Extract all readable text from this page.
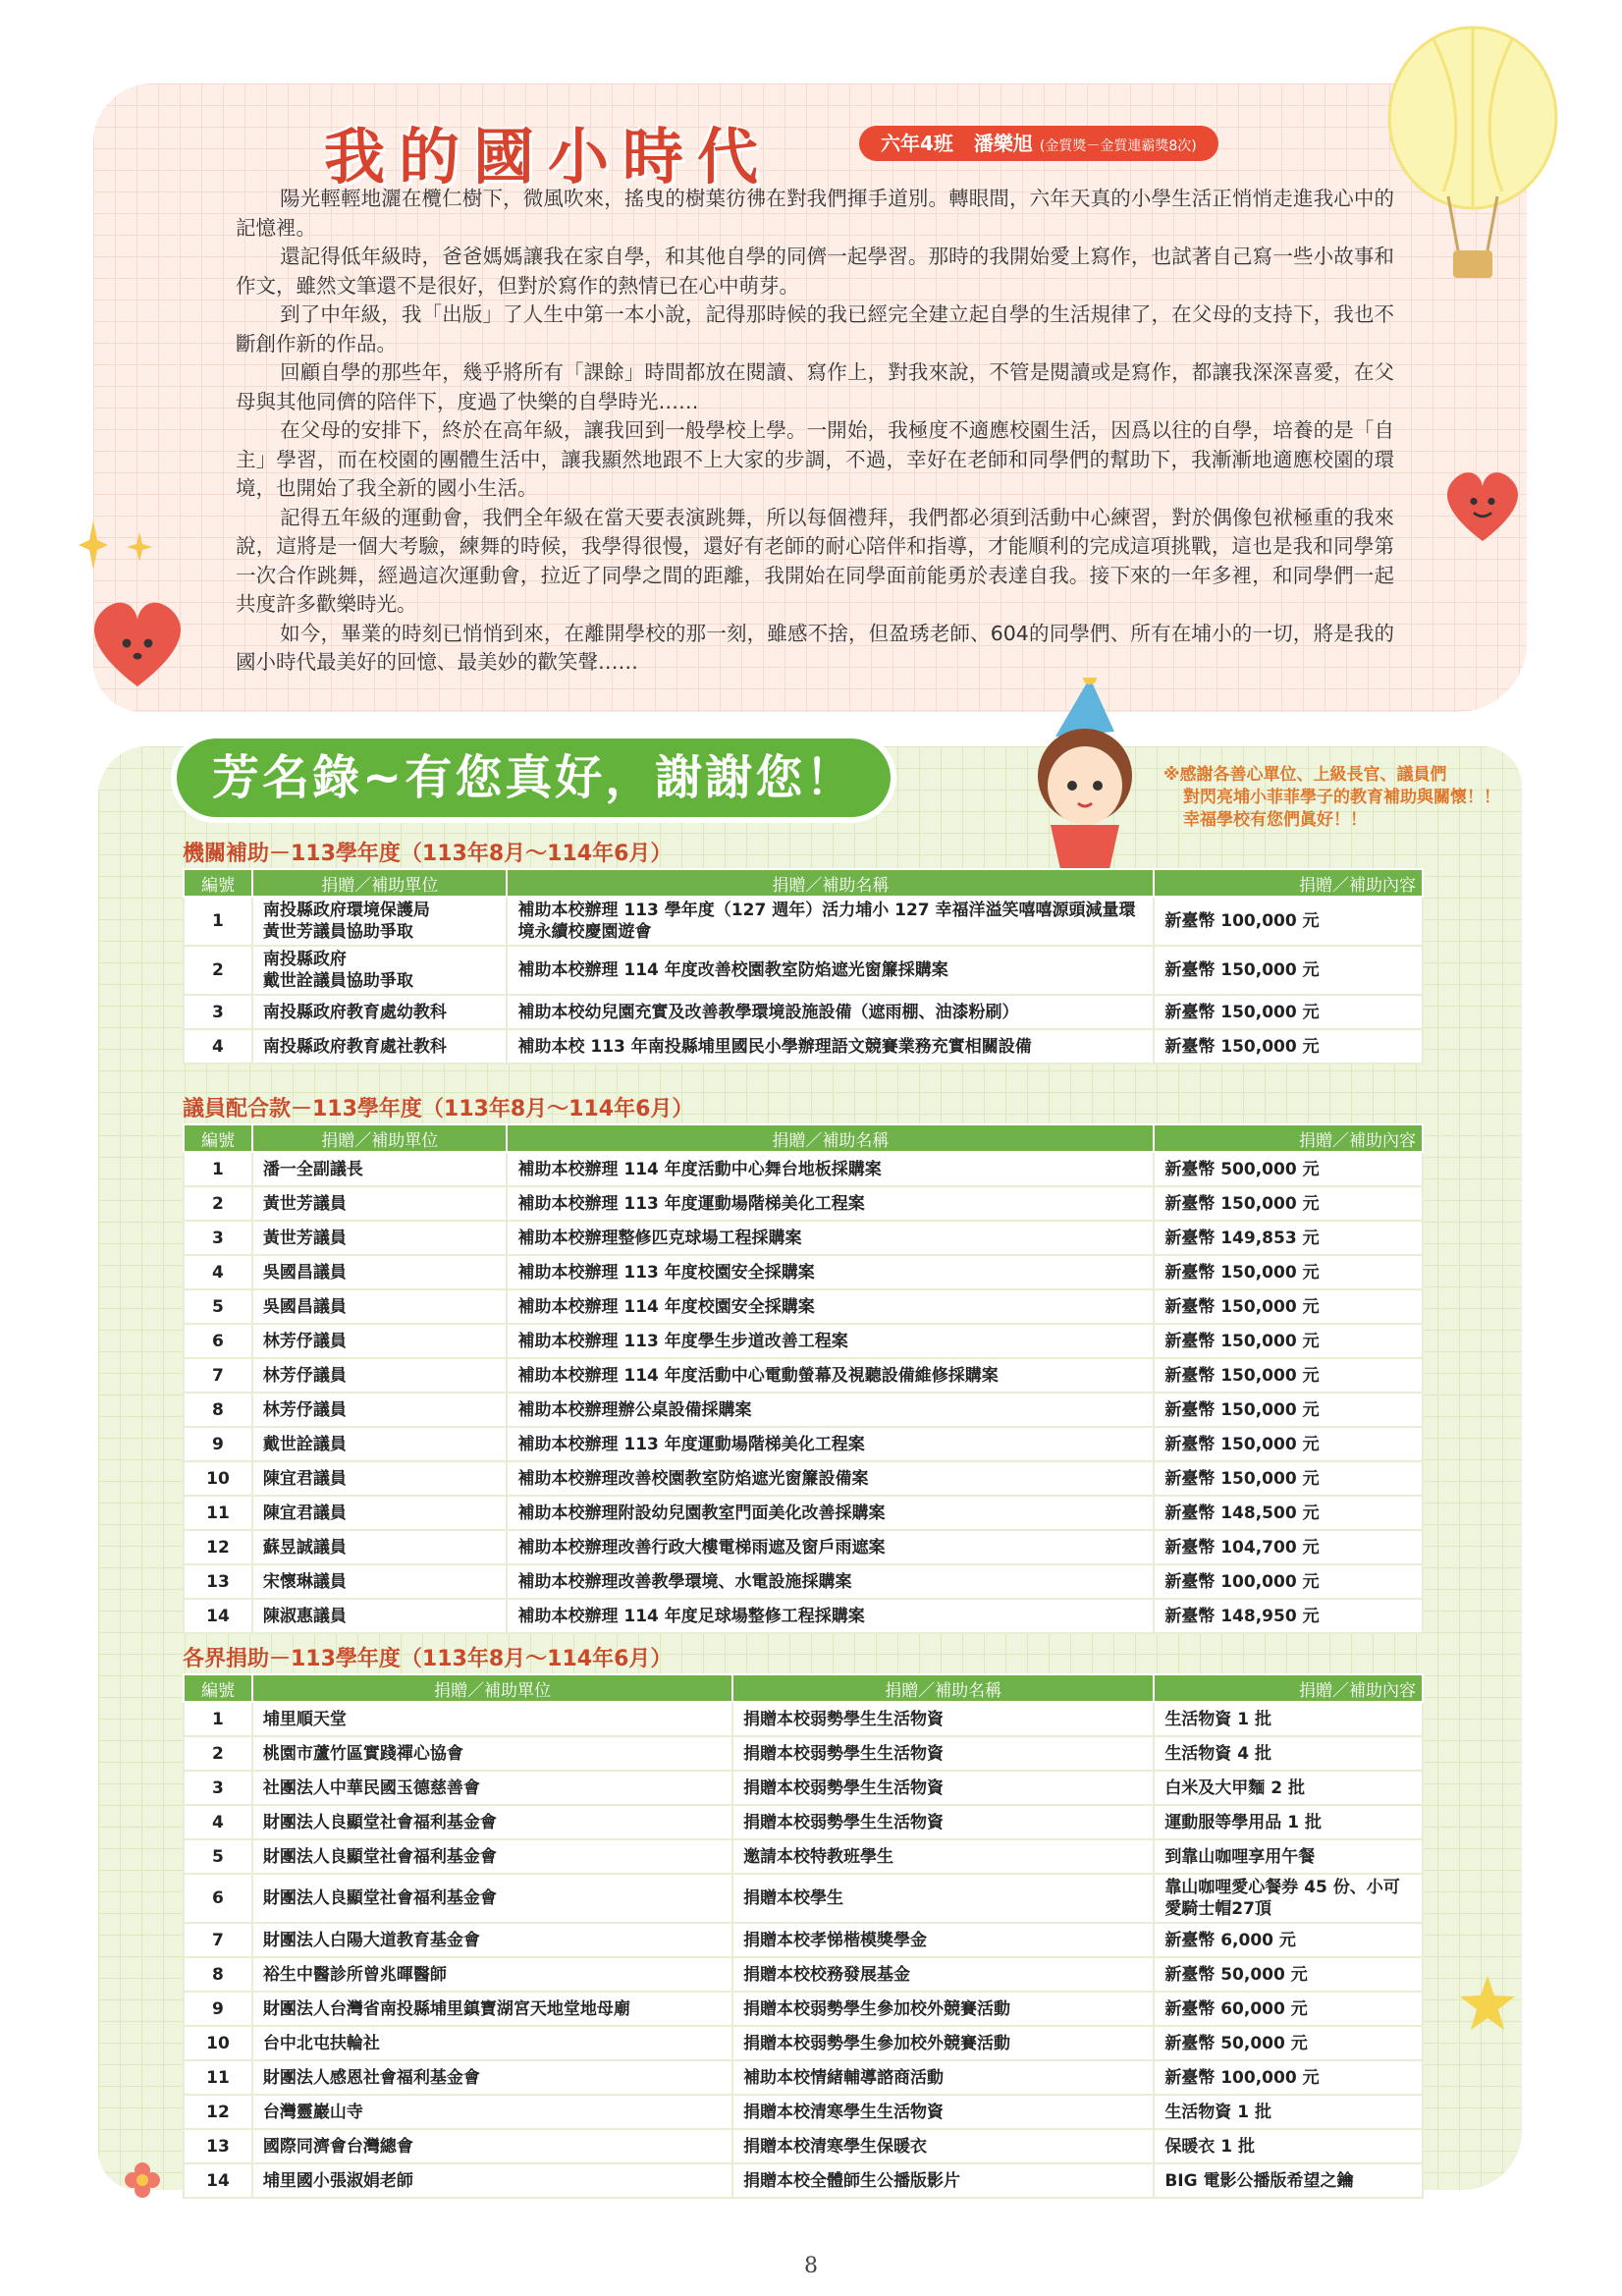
我的國小時代	六年4班 潘樂旭 (金質獎－金質連霸獎8次)

陽光輕輕地灑在欖仁樹下，微風吹來，搖曳的樹葉彷彿在對我們揮手道別。轉眼間，六年天真的小學生活正悄悄走進我心中的記憶裡。

還記得低年級時，爸爸媽媽讓我在家自學，和其他自學的同儕一起學習。那時的我開始愛上寫作，也試著自己寫一些小故事和作文，雖然文筆還不是很好，但對於寫作的熱情已在心中萌芽。

到了中年級，我「出版」了人生中第一本小說，記得那時候的我已經完全建立起自學的生活規律了，在父母的支持下，我也不斷創作新的作品。

回顧自學的那些年，幾乎將所有「課餘」時間都放在閱讀、寫作上，對我來說，不管是閱讀或是寫作，都讓我深深喜愛，在父母與其他同儕的陪伴下，度過了快樂的自學時光……

在父母的安排下，終於在高年級，讓我回到一般學校上學。一開始，我極度不適應校園生活，因爲以往的自學，培養的是「自主」學習，而在校園的團體生活中，讓我顯然地跟不上大家的步調，不過，幸好在老師和同學們的幫助下，我漸漸地適應校園的環境，也開始了我全新的國小生活。

記得五年級的運動會，我們全年級在當天要表演跳舞，所以每個禮拜，我們都必須到活動中心練習，對於偶像包袱極重的我來說，這將是一個大考驗，練舞的時候，我學得很慢，還好有老師的耐心陪伴和指導，才能順利的完成這項挑戰，這也是我和同學第一次合作跳舞，經過這次運動會，拉近了同學之間的距離，我開始在同學面前能勇於表達自我。接下來的一年多裡，和同學們一起共度許多歡樂時光。

如今，畢業的時刻已悄悄到來，在離開學校的那一刻，雖感不捨，但盈琇老師、604的同學們、所有在埔小的一切，將是我的國小時代最美好的回憶、最美妙的歡笑聲……

芳名錄~有您真好，謝謝您！	※感謝各善心單位、上級長官、議員們
對閃亮埔小菲菲學子的教育補助與關懷！！
幸福學校有您們眞好！！
機關補助－113學年度（113年8月～114年6月）
編號	捐贈／補助單位	捐贈／補助名稱	捐贈／補助內容
1	南投縣政府環境保護局
黃世芳議員協助爭取	補助本校辦理 113 學年度（127 週年）活力埔小 127 幸福洋溢笑嘻嘻源頭減量環境永續校慶園遊會	新臺幣 100,000 元
2	南投縣政府
戴世詮議員協助爭取	補助本校辦理 114 年度改善校園教室防焰遮光窗簾採購案	新臺幣 150,000 元
3	南投縣政府教育處幼教科	補助本校幼兒園充實及改善教學環境設施設備（遮雨棚、油漆粉刷）	新臺幣 150,000 元
4	南投縣政府教育處社教科	補助本校 113 年南投縣埔里國民小學辦理語文競賽業務充實相關設備	新臺幣 150,000 元
議員配合款－113學年度（113年8月～114年6月）
編號	捐贈／補助單位	捐贈／補助名稱	捐贈／補助內容
1	潘一全副議長	補助本校辦理 114 年度活動中心舞台地板採購案	新臺幣 500,000 元
2	黃世芳議員	補助本校辦理 113 年度運動場階梯美化工程案	新臺幣 150,000 元
3	黃世芳議員	補助本校辦理整修匹克球場工程採購案	新臺幣 149,853 元
4	吳國昌議員	補助本校辦理 113 年度校園安全採購案	新臺幣 150,000 元
5	吳國昌議員	補助本校辦理 114 年度校園安全採購案	新臺幣 150,000 元
6	林芳伃議員	補助本校辦理 113 年度學生步道改善工程案	新臺幣 150,000 元
7	林芳伃議員	補助本校辦理 114 年度活動中心電動螢幕及視聽設備維修採購案	新臺幣 150,000 元
8	林芳伃議員	補助本校辦理辦公桌設備採購案	新臺幣 150,000 元
9	戴世詮議員	補助本校辦理 113 年度運動場階梯美化工程案	新臺幣 150,000 元
10	陳宜君議員	補助本校辦理改善校園教室防焰遮光窗簾設備案	新臺幣 150,000 元
11	陳宜君議員	補助本校辦理附設幼兒園教室門面美化改善採購案	新臺幣 148,500 元
12	蘇昱誠議員	補助本校辦理改善行政大樓電梯雨遮及窗戶雨遮案	新臺幣 104,700 元
13	宋懷琳議員	補助本校辦理改善教學環境、水電設施採購案	新臺幣 100,000 元
14	陳淑惠議員	補助本校辦理 114 年度足球場整修工程採購案	新臺幣 148,950 元
各界捐助－113學年度（113年8月～114年6月）
編號	捐贈／補助單位	捐贈／補助名稱	捐贈／補助內容
1	埔里順天堂	捐贈本校弱勢學生生活物資	生活物資 1 批
2	桃園市蘆竹區實踐禪心協會	捐贈本校弱勢學生生活物資	生活物資 4 批
3	社團法人中華民國玉德慈善會	捐贈本校弱勢學生生活物資	白米及大甲麵 2 批
4	財團法人良顯堂社會福利基金會	捐贈本校弱勢學生生活物資	運動服等學用品 1 批
5	財團法人良顯堂社會福利基金會	邀請本校特教班學生	到靠山咖哩享用午餐
6	財團法人良顯堂社會福利基金會	捐贈本校學生	靠山咖哩愛心餐券 45 份、小可愛騎士帽27頂
7	財團法人白陽大道教育基金會	捐贈本校孝悌楷模獎學金	新臺幣 6,000 元
8	裕生中醫診所曾兆暉醫師	捐贈本校校務發展基金	新臺幣 50,000 元
9	財團法人台灣省南投縣埔里鎮寶湖宮天地堂地母廟	捐贈本校弱勢學生參加校外競賽活動	新臺幣 60,000 元
10	台中北屯扶輪社	捐贈本校弱勢學生參加校外競賽活動	新臺幣 50,000 元
11	財團法人感恩社會福利基金會	補助本校情緒輔導諮商活動	新臺幣 100,000 元
12	台灣靈巖山寺	捐贈本校清寒學生生活物資	生活物資 1 批
13	國際同濟會台灣總會	捐贈本校清寒學生保暖衣	保暖衣 1 批
14	埔里國小張淑娟老師	捐贈本校全體師生公播版影片	BIG 電影公播版希望之鑰
8
